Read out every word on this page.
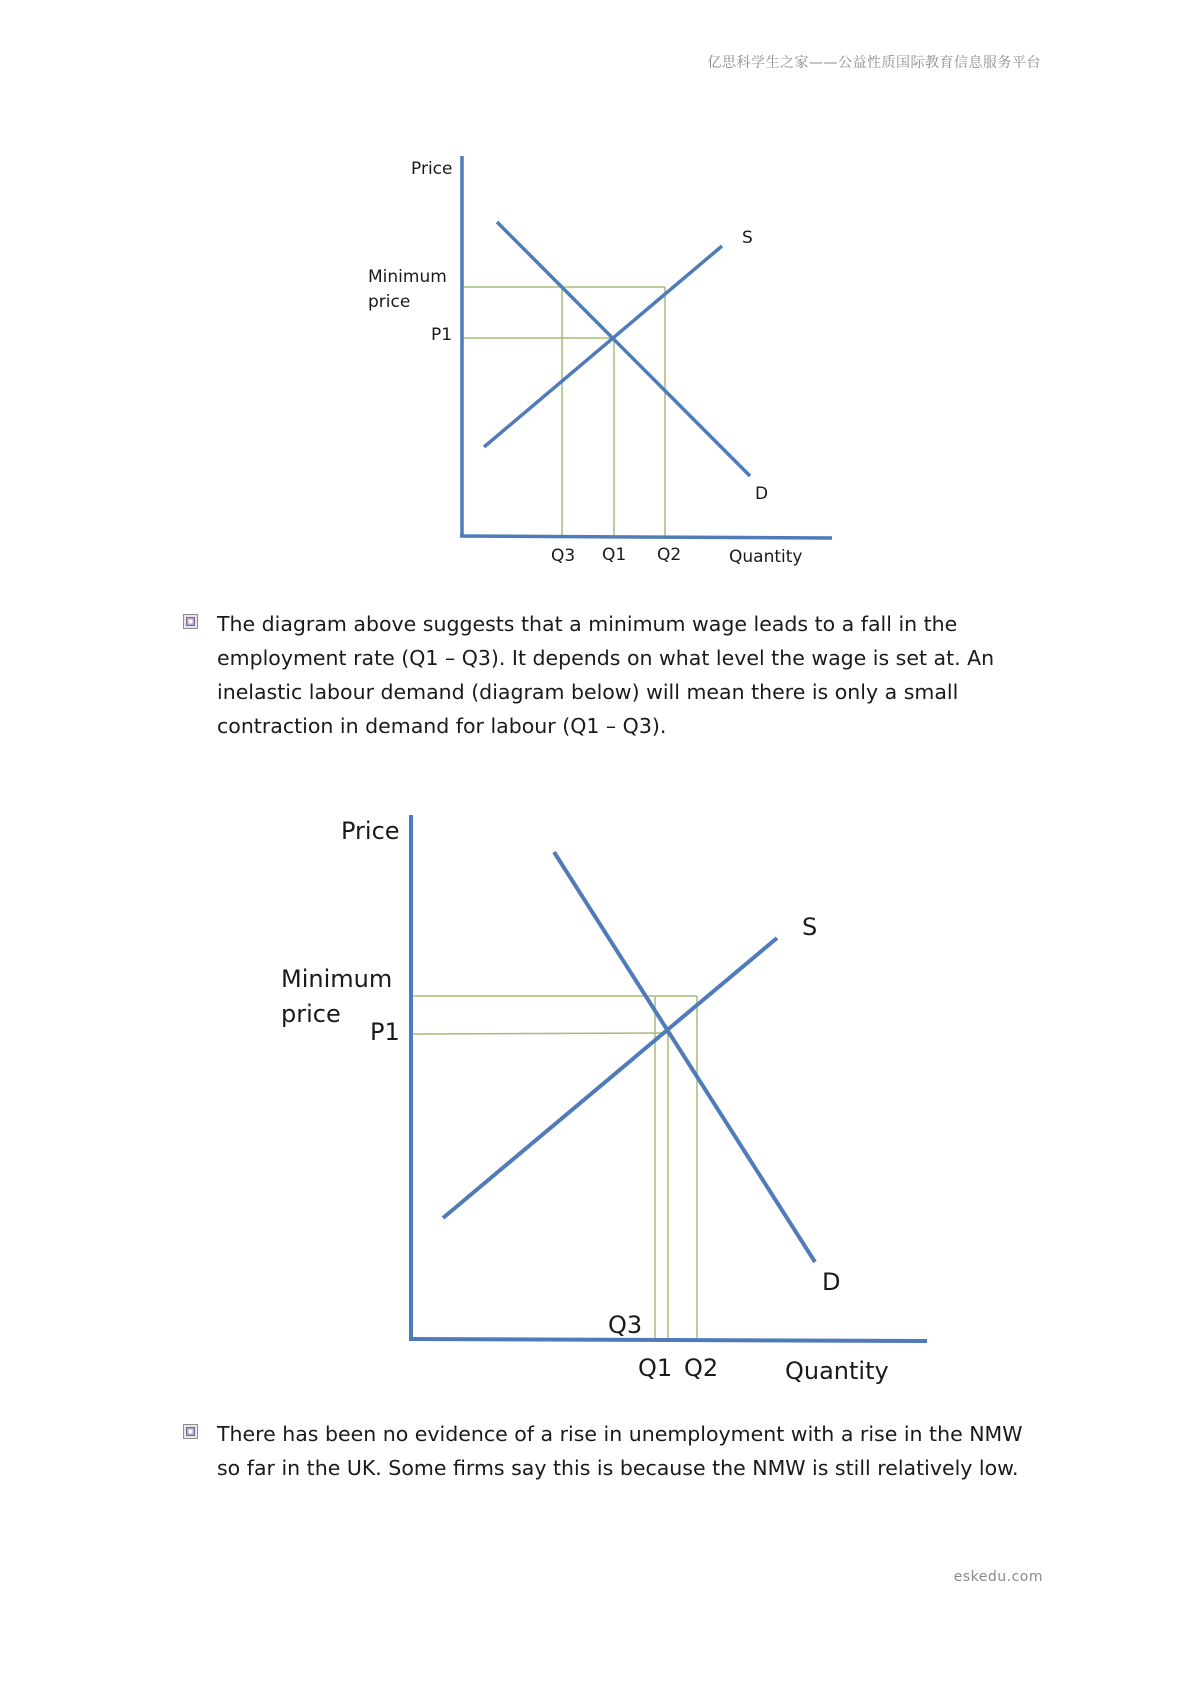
亿思科学生之家——公益性质国际教育信息服务平台
Price
Minimum
price
P1
S
D
Q3 Q1 Q2	Quantity
The diagram above suggests that a minimum wage leads to a fall in the employment rate (Q1 – Q3). It depends on what level the wage is set at. An inelastic labour demand (diagram below) will mean there is only a small contraction in demand for labour (Q1 – Q3).
Price
Minimum
price
P1
S
D
Q3
Q1 Q2	Quantity
There has been no evidence of a rise in unemployment with a rise in the NMW so far in the UK. Some firms say this is because the NMW is still relatively low.
eskedu.com
